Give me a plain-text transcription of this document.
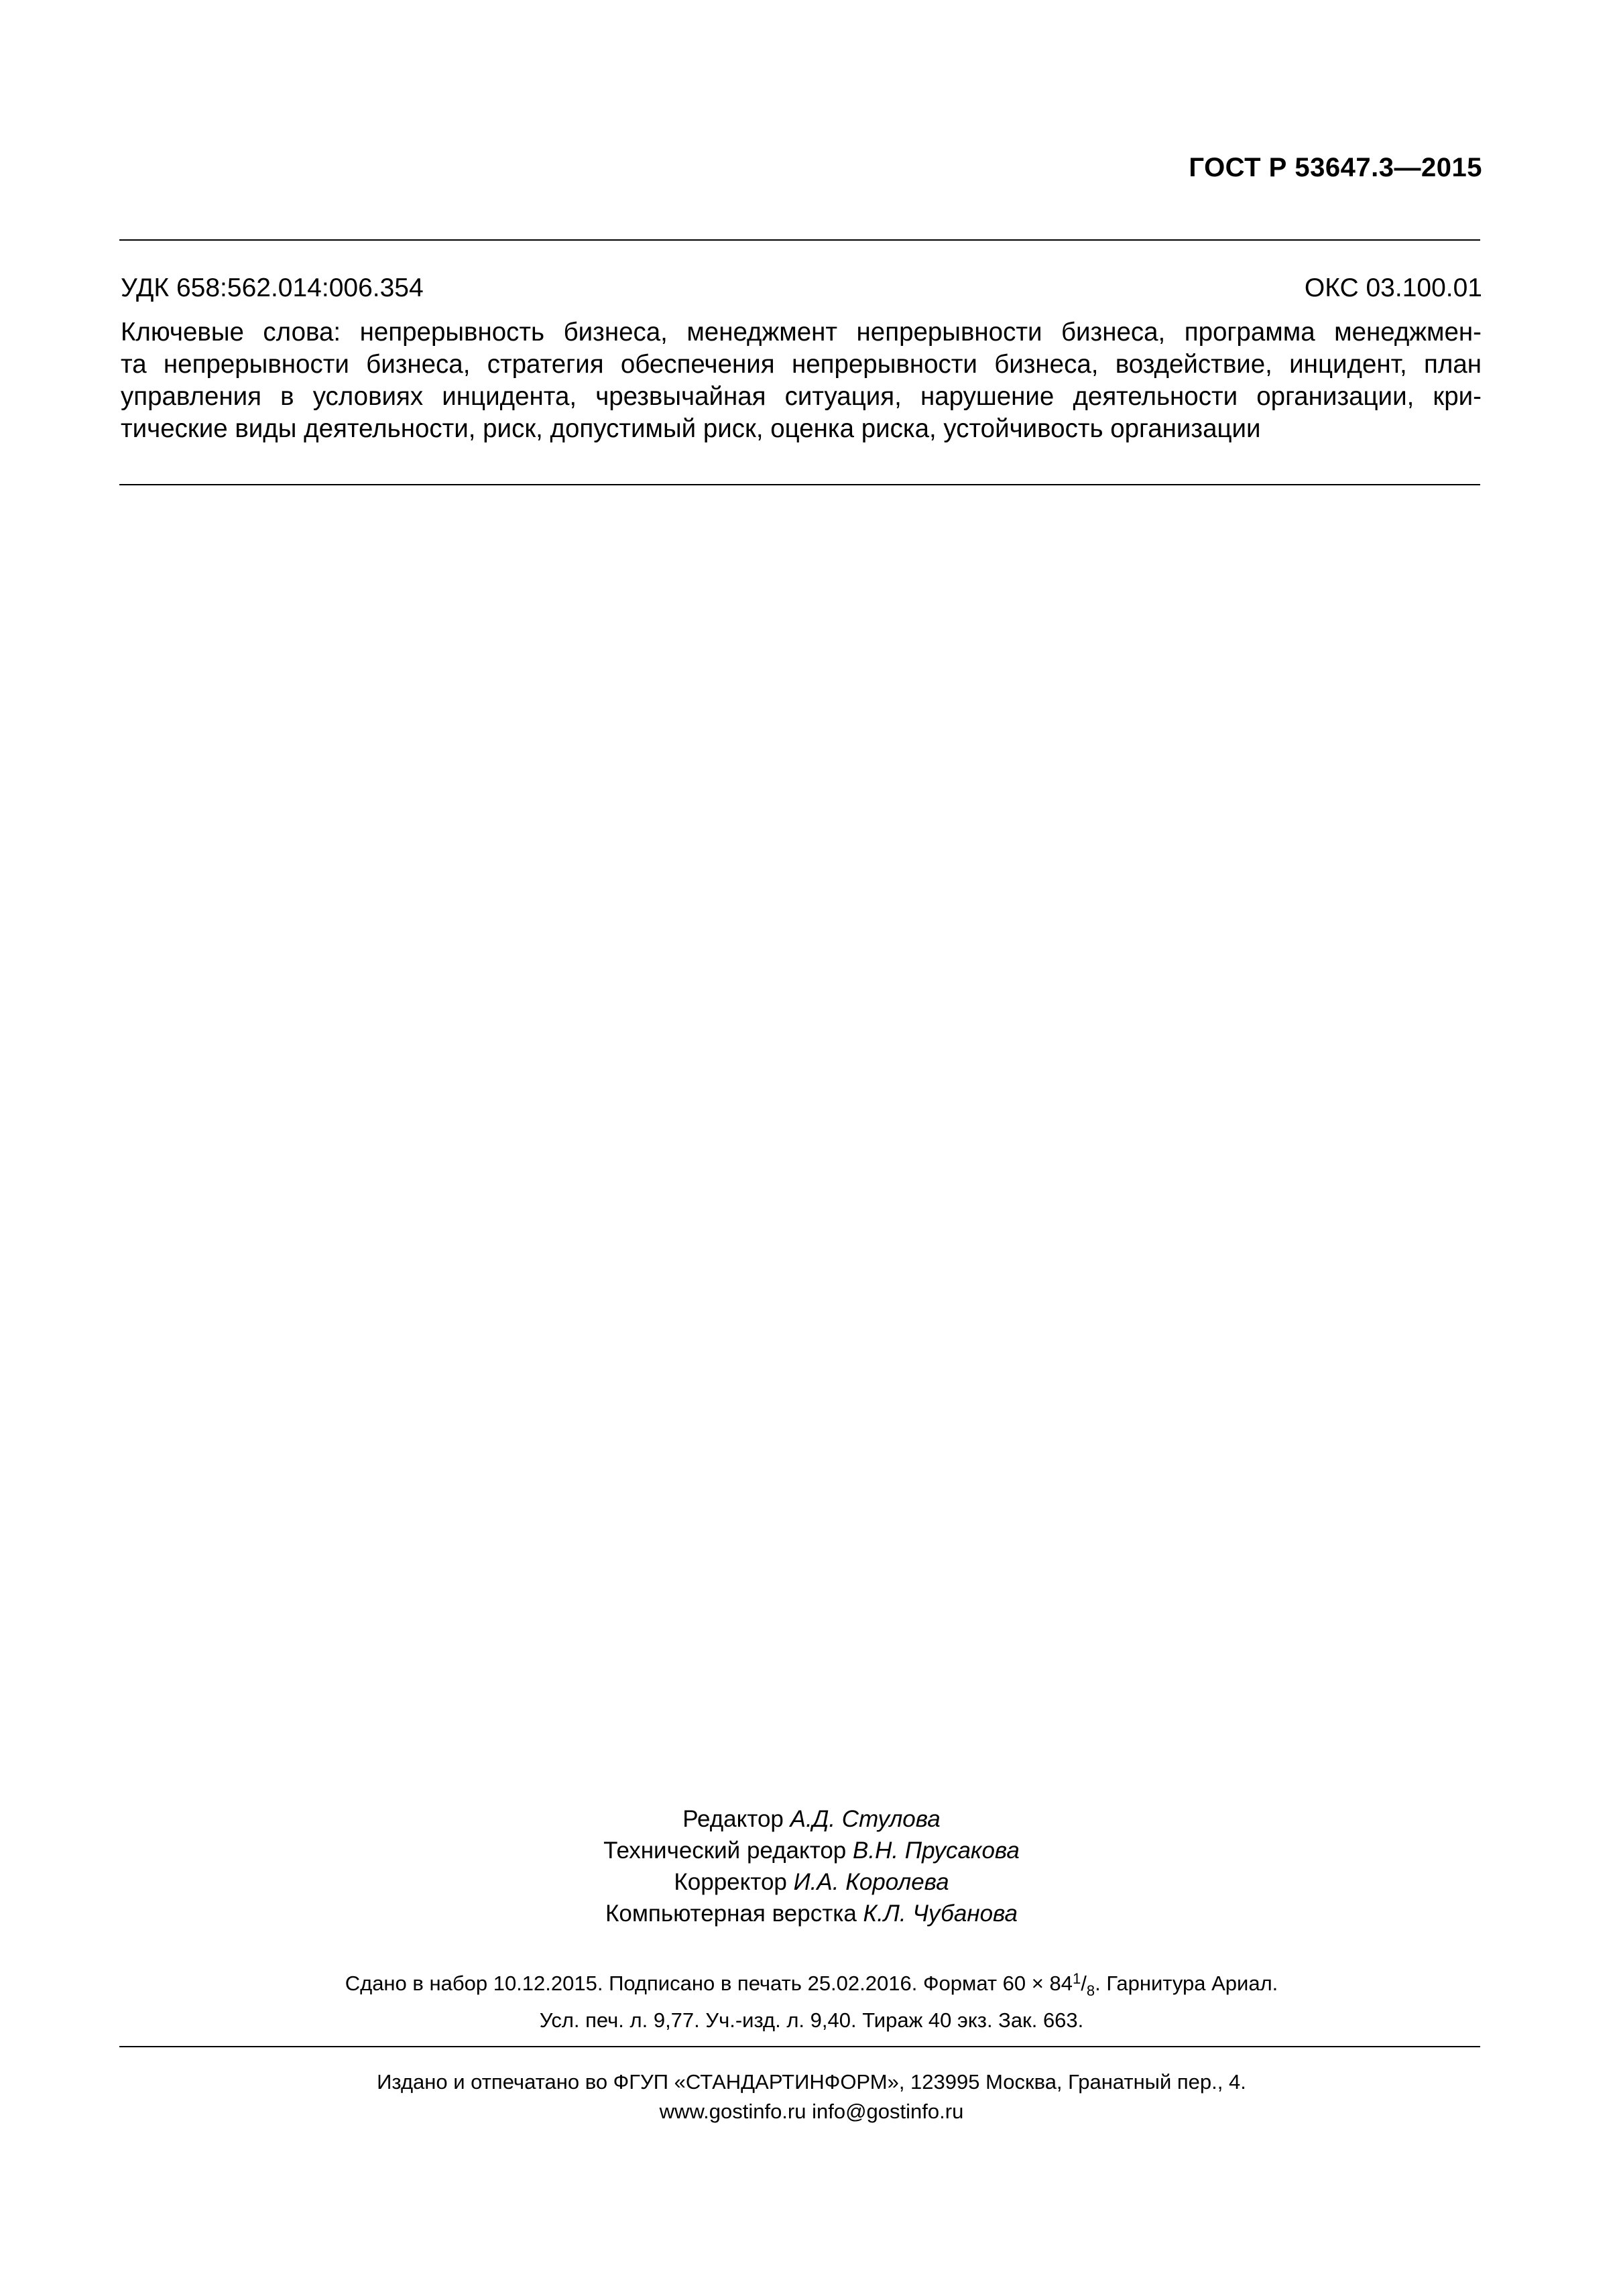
ГОСТ Р 53647.3—2015
УДК 658:562.014:006.354	ОКС 03.100.01
Ключевые слова: непрерывность бизнеса, менеджмент непрерывности бизнеса, программа менеджмен-
та непрерывности бизнеса, стратегия обеспечения непрерывности бизнеса, воздействие, инцидент, план
управления в условиях инцидента, чрезвычайная ситуация, нарушение деятельности организации, кри-
тические виды деятельности, риск, допустимый риск, оценка риска, устойчивость организации
Редактор А.Д. Стулова
Технический редактор В.Н. Прусакова
Корректор И.А. Королева
Компьютерная верстка К.Л. Чубанова
Сдано в набор 10.12.2015. Подписано в печать 25.02.2016. Формат $60 \times 84^1/_8$. Гарнитура Ариал.
Усл. печ. л. 9,77. Уч.-изд. л. 9,40. Тираж 40 экз. Зак. 663.
Издано и отпечатано во ФГУП «СТАНДАРТИНФОРМ», 123995 Москва, Гранатный пер., 4.
www.gostinfo.ru info@gostinfo.ru
